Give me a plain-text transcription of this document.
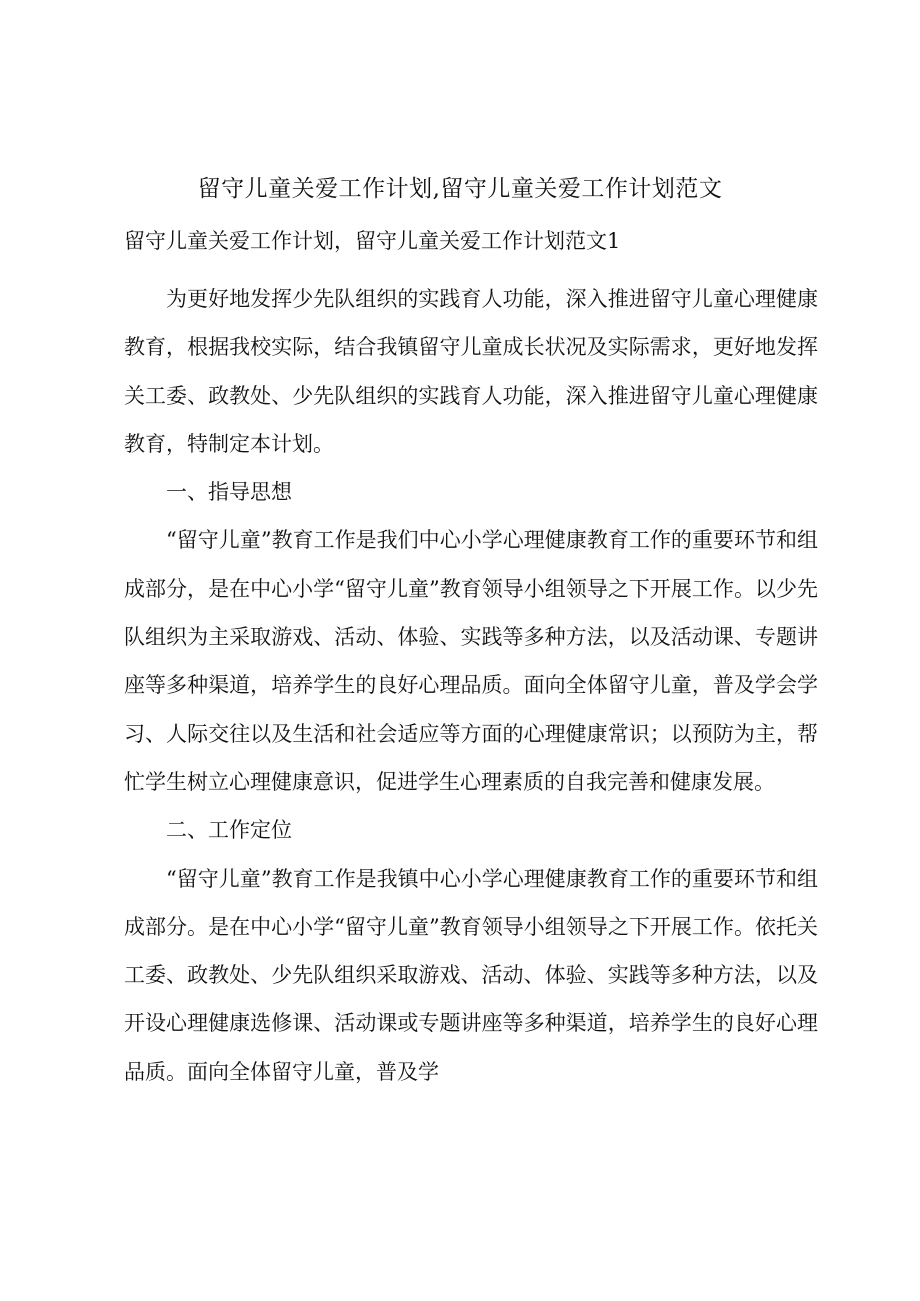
留守儿童关爱工作计划,留守儿童关爱工作计划范文
留守儿童关爱工作计划，留守儿童关爱工作计划范文1

为更好地发挥少先队组织的实践育人功能，深入推进留守儿童心理健康教育，根据我校实际，结合我镇留守儿童成长状况及实际需求，更好地发挥关工委、政教处、少先队组织的实践育人功能，深入推进留守儿童心理健康教育，特制定本计划。

一、指导思想

“留守儿童”教育工作是我们中心小学心理健康教育工作的重要环节和组成部分，是在中心小学“留守儿童”教育领导小组领导之下开展工作。以少先队组织为主采取游戏、活动、体验、实践等多种方法，以及活动课、专题讲座等多种渠道，培养学生的良好心理品质。面向全体留守儿童，普及学会学习、人际交往以及生活和社会适应等方面的心理健康常识；以预防为主，帮忙学生树立心理健康意识，促进学生心理素质的自我完善和健康发展。

二、工作定位

“留守儿童”教育工作是我镇中心小学心理健康教育工作的重要环节和组成部分。是在中心小学“留守儿童”教育领导小组领导之下开展工作。依托关工委、政教处、少先队组织采取游戏、活动、体验、实践等多种方法，以及开设心理健康选修课、活动课或专题讲座等多种渠道，培养学生的良好心理品质。面向全体留守儿童，普及学
